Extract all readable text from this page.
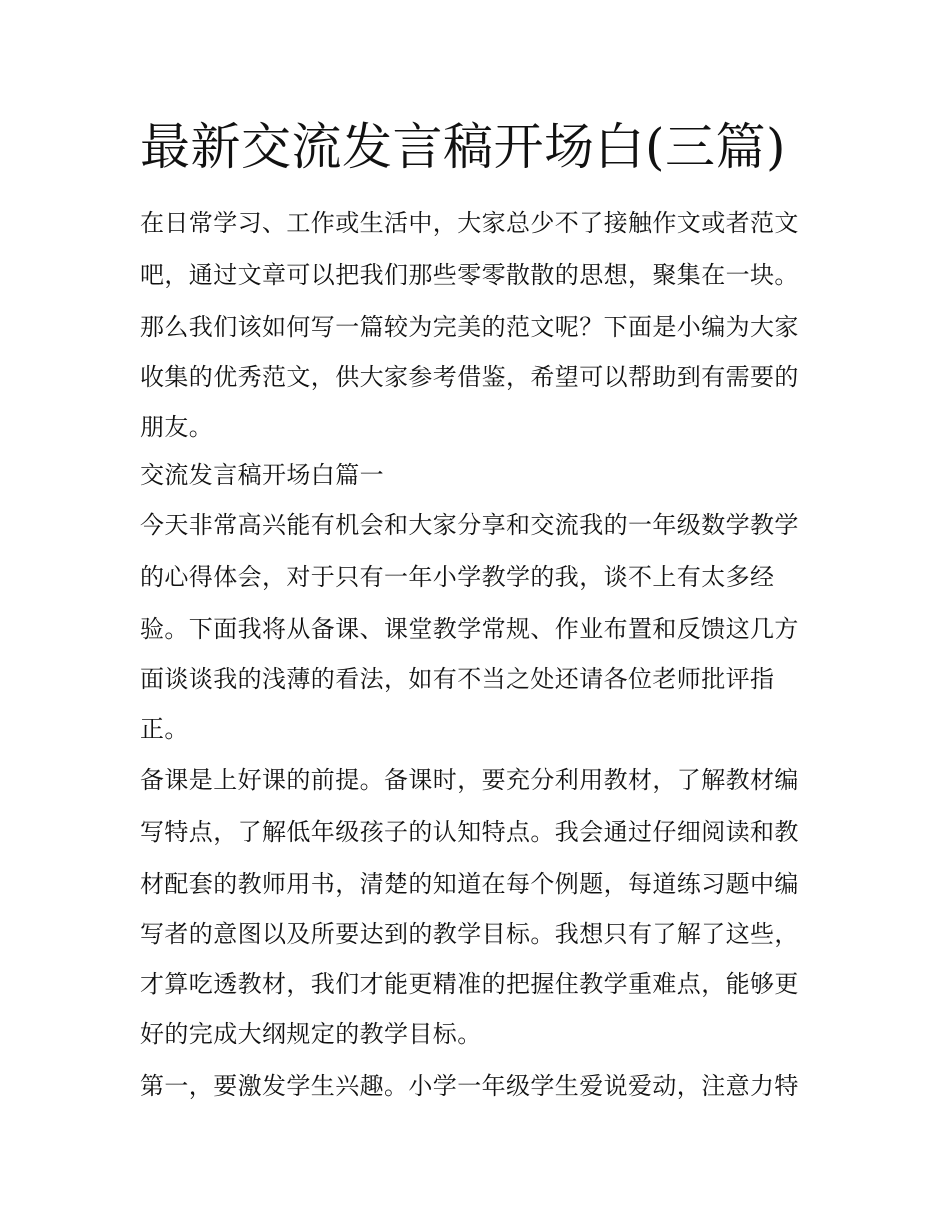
最新交流发言稿开场白(三篇)

在日常学习、工作或生活中，大家总少不了接触作文或者范文

吧，通过文章可以把我们那些零零散散的思想，聚集在一块。

那么我们该如何写一篇较为完美的范文呢？下面是小编为大家

收集的优秀范文，供大家参考借鉴，希望可以帮助到有需要的

朋友。

交流发言稿开场白篇一

今天非常高兴能有机会和大家分享和交流我的一年级数学教学

的心得体会，对于只有一年小学教学的我，谈不上有太多经

验。下面我将从备课、课堂教学常规、作业布置和反馈这几方

面谈谈我的浅薄的看法，如有不当之处还请各位老师批评指

正。

备课是上好课的前提。备课时，要充分利用教材，了解教材编

写特点，了解低年级孩子的认知特点。我会通过仔细阅读和教

材配套的教师用书，清楚的知道在每个例题，每道练习题中编

写者的意图以及所要达到的教学目标。我想只有了解了这些，

才算吃透教材，我们才能更精准的把握住教学重难点，能够更

好的完成大纲规定的教学目标。

第一，要激发学生兴趣。小学一年级学生爱说爱动，注意力特
